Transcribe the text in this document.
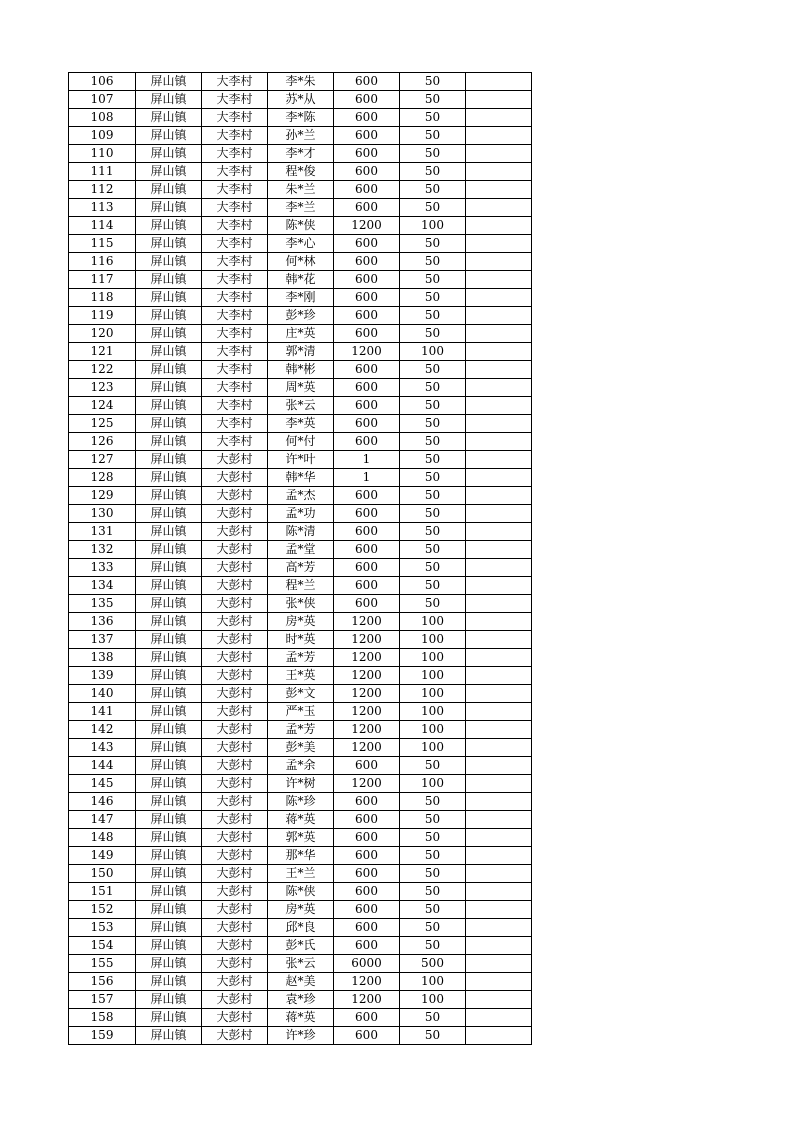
106	屏山镇	大李村	李*朱	600	50	
107	屏山镇	大李村	苏*从	600	50	
108	屏山镇	大李村	李*陈	600	50	
109	屏山镇	大李村	孙*兰	600	50	
110	屏山镇	大李村	李*才	600	50	
111	屏山镇	大李村	程*俊	600	50	
112	屏山镇	大李村	朱*兰	600	50	
113	屏山镇	大李村	李*兰	600	50	
114	屏山镇	大李村	陈*侠	1200	100	
115	屏山镇	大李村	李*心	600	50	
116	屏山镇	大李村	何*林	600	50	
117	屏山镇	大李村	韩*花	600	50	
118	屏山镇	大李村	李*刚	600	50	
119	屏山镇	大李村	彭*珍	600	50	
120	屏山镇	大李村	庄*英	600	50	
121	屏山镇	大李村	郭*清	1200	100	
122	屏山镇	大李村	韩*彬	600	50	
123	屏山镇	大李村	周*英	600	50	
124	屏山镇	大李村	张*云	600	50	
125	屏山镇	大李村	李*英	600	50	
126	屏山镇	大李村	何*付	600	50	
127	屏山镇	大彭村	许*叶	1	50	
128	屏山镇	大彭村	韩*华	1	50	
129	屏山镇	大彭村	孟*杰	600	50	
130	屏山镇	大彭村	孟*功	600	50	
131	屏山镇	大彭村	陈*清	600	50	
132	屏山镇	大彭村	孟*堂	600	50	
133	屏山镇	大彭村	高*芳	600	50	
134	屏山镇	大彭村	程*兰	600	50	
135	屏山镇	大彭村	张*侠	600	50	
136	屏山镇	大彭村	房*英	1200	100	
137	屏山镇	大彭村	时*英	1200	100	
138	屏山镇	大彭村	孟*芳	1200	100	
139	屏山镇	大彭村	王*英	1200	100	
140	屏山镇	大彭村	彭*文	1200	100	
141	屏山镇	大彭村	严*玉	1200	100	
142	屏山镇	大彭村	孟*芳	1200	100	
143	屏山镇	大彭村	彭*美	1200	100	
144	屏山镇	大彭村	孟*余	600	50	
145	屏山镇	大彭村	许*树	1200	100	
146	屏山镇	大彭村	陈*珍	600	50	
147	屏山镇	大彭村	蒋*英	600	50	
148	屏山镇	大彭村	郭*英	600	50	
149	屏山镇	大彭村	那*华	600	50	
150	屏山镇	大彭村	王*兰	600	50	
151	屏山镇	大彭村	陈*侠	600	50	
152	屏山镇	大彭村	房*英	600	50	
153	屏山镇	大彭村	邱*良	600	50	
154	屏山镇	大彭村	彭*氏	600	50	
155	屏山镇	大彭村	张*云	6000	500	
156	屏山镇	大彭村	赵*美	1200	100	
157	屏山镇	大彭村	袁*珍	1200	100	
158	屏山镇	大彭村	蒋*英	600	50	
159	屏山镇	大彭村	许*珍	600	50	
